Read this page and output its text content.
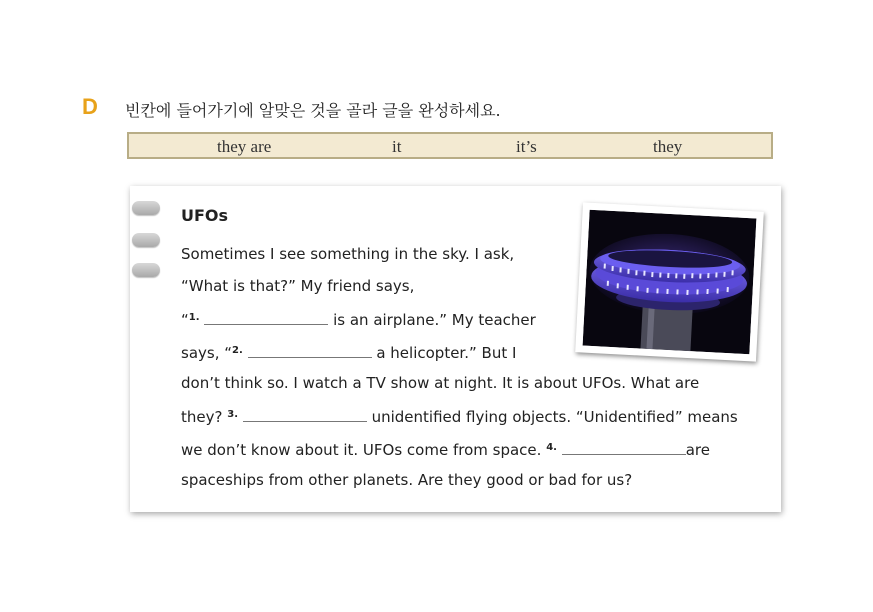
D 빈칸에 들어가기에 알맞은 것을 골라 글을 완성하세요.
they are	it	it’s	they
UFOs
Sometimes I see something in the sky. I ask,
“What is that?” My friend says,
“$^{1.}$	is an airplane.” My teacher
says, “$^{2.}$	a helicopter.” But I
don’t think so. I watch a TV show at night. It is about UFOs. What are
they? $^{3.}$	unidentified flying objects. “Unidentified” means
we don’t know about it. UFOs come from space. $^{4.}$	are
spaceships from other planets. Are they good or bad for us?
